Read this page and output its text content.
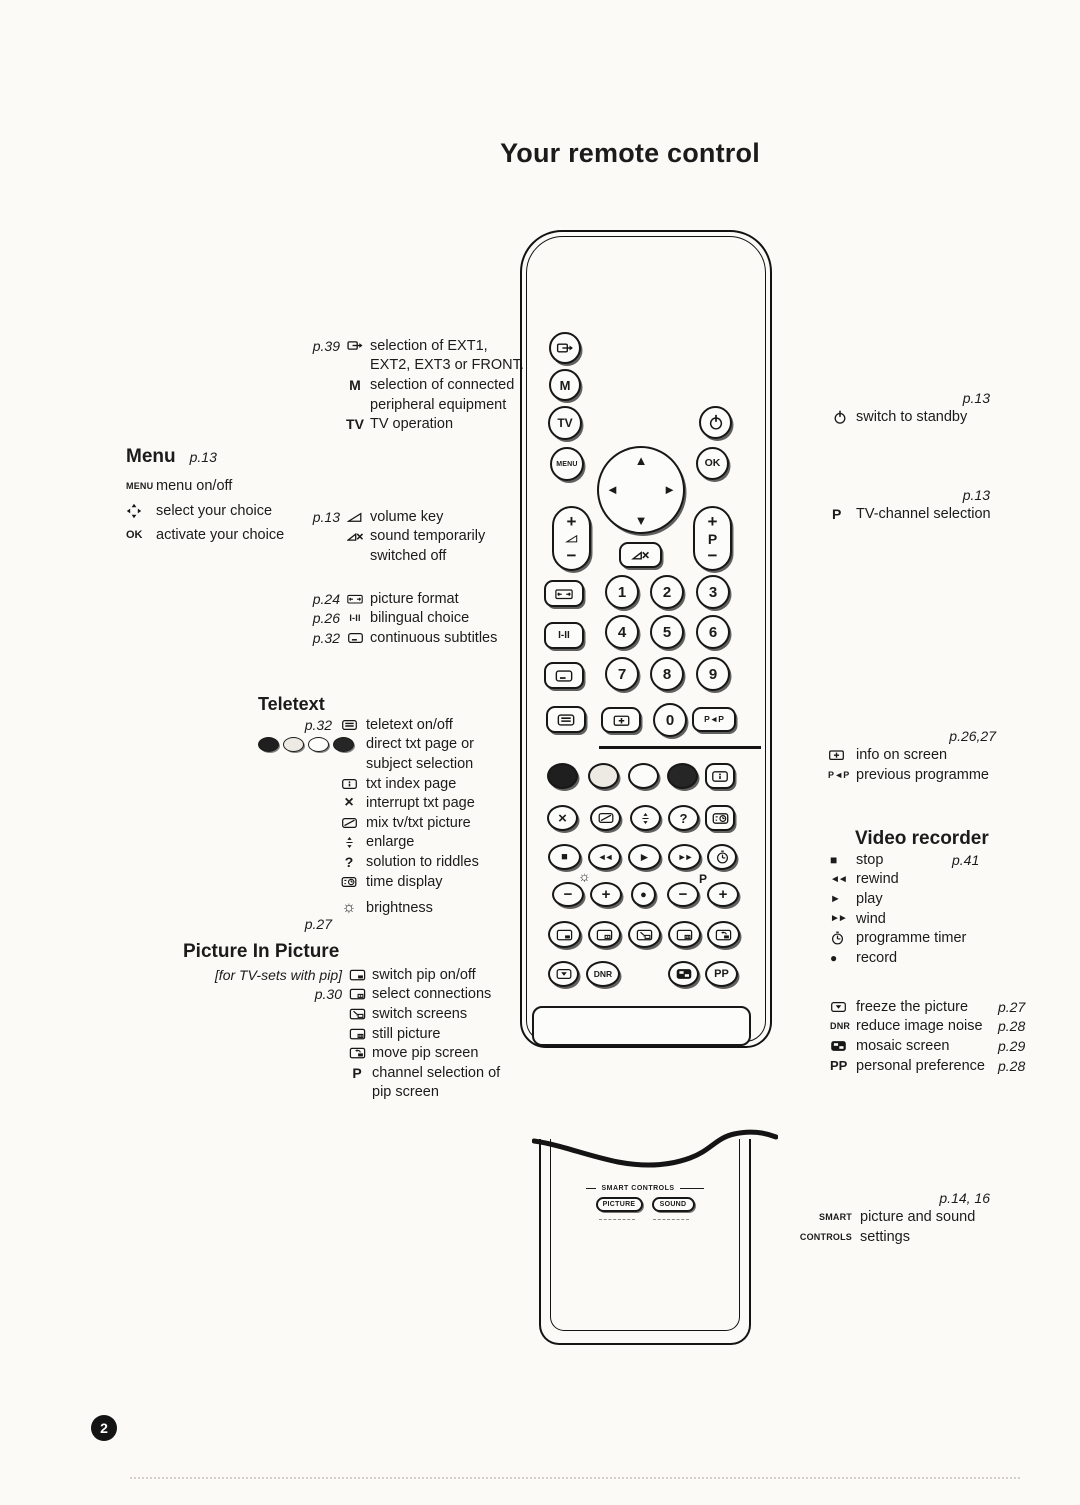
Your remote control
p.39 selection of EXT1,
EXT2, EXT3 or FRONT.
M selection of connected
peripheral equipment
TV TV operation
Menu p.13
MENU menu on/off
select your choice
OK activate your choice
p.13 volume key
sound temporarily
switched off
p.24 picture format
p.26 I-II bilingual choice
p.32 continuous subtitles
Teletext
p.32 teletext on/off
direct txt page or
subject selection
txt index page
× interrupt txt page
mix tv/txt picture
enlarge
? solution to riddles
time display
☼ brightness
p.27
Picture In Picture
[for TV-sets with pip] switch pip on/off
p.30 select connections
switch screens
still picture
move pip screen
P channel selection of
pip screen
p.13
switch to standby
p.13
P	TV-channel selection
p.26,27
info on screen
P◄P previous programme
Video recorder
■	stop	p.41
◄◄ rewind
►	play
►► wind
programme timer
●	record
freeze the picture	p.27
DNR reduce image noise	p.28
mosaic screen	p.29
PP personal preference p.28
p.14, 16
SMART picture and sound
CONTROLS settings
M
TV
MENU	▲
▼
◄	►
OK
+
−
+
P
−
I-II
1 2	3
4 5	6
7 8	9
0	P◄P
×	?
■	◄◄ ►	►►
☼
− +	● −
P
+
DNR	PP
SMART CONTROLS
PICTURE	SOUND
2
